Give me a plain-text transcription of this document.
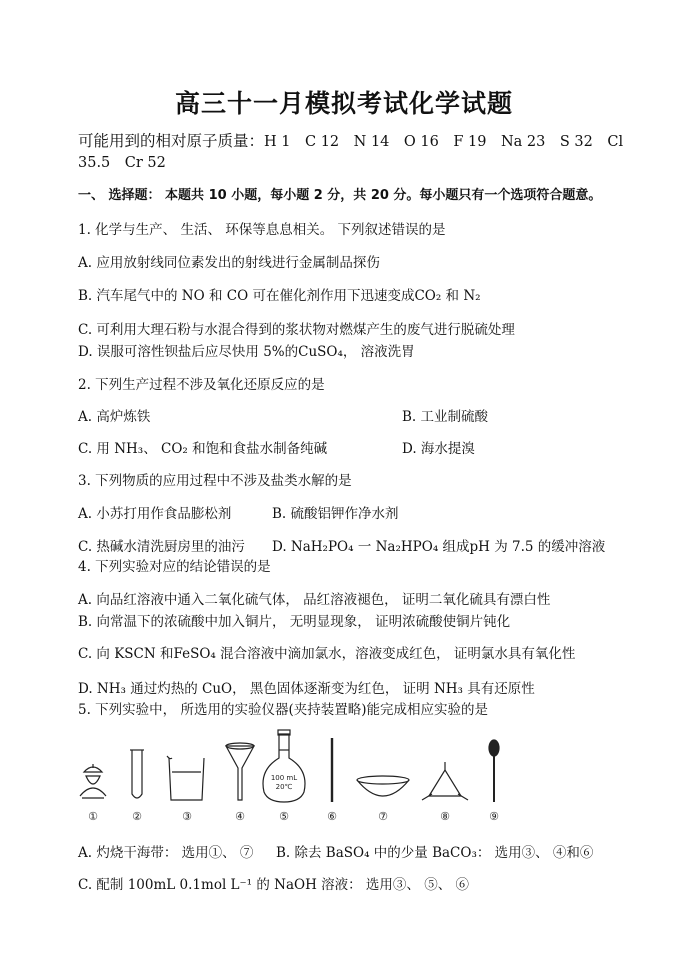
高三十一月模拟考试化学试题
可能用到的相对原子质量：H 1　C 12　N 14　O 16　F 19　Na 23　S 32　Cl
35.5　Cr 52
一、 选择题： 本题共 10 小题，每小题 2 分，共 20 分。每小题只有一个选项符合题意。
1. 化学与生产、 生活、 环保等息息相关。 下列叙述错误的是
A. 应用放射线同位素发出的射线进行金属制品探伤
B. 汽车尾气中的 NO 和 CO 可在催化剂作用下迅速变成CO₂ 和 N₂
C. 可利用大理石粉与水混合得到的浆状物对燃煤产生的废气进行脱硫处理
D. 误服可溶性钡盐后应尽快用 5%的CuSO₄， 溶液洗胃
2. 下列生产过程不涉及氧化还原反应的是
A. 高炉炼铁	B. 工业制硫酸
C. 用 NH₃、 CO₂ 和饱和食盐水制备纯碱	D. 海水提溴
3. 下列物质的应用过程中不涉及盐类水解的是
A. 小苏打用作食品膨松剂	B. 硫酸铝钾作净水剂
C. 热碱水清洗厨房里的油污 D. NaH₂PO₄ 一 Na₂HPO₄ 组成pH 为 7.5 的缓冲溶液
4. 下列实验对应的结论错误的是
A. 向品红溶液中通入二氧化硫气体， 品红溶液褪色， 证明二氧化硫具有漂白性
B. 向常温下的浓硫酸中加入铜片， 无明显现象， 证明浓硫酸使铜片钝化
C. 向 KSCN 和FeSO₄ 混合溶液中滴加氯水，溶液变成红色， 证明氯水具有氧化性
D. NH₃ 通过灼热的 CuO， 黑色固体逐渐变为红色， 证明 NH₃ 具有还原性
5. 下列实验中， 所选用的实验仪器(夹持装置略)能完成相应实验的是
100 mL
20℃
①	②	③	④	⑤	⑥	⑦	⑧	⑨
A. 灼烧干海带： 选用①、 ⑦ B. 除去 BaSO₄ 中的少量 BaCO₃： 选用③、 ④和⑥
C. 配制 100mL 0.1mol L⁻¹ 的 NaOH 溶液： 选用③、 ⑤、 ⑥
